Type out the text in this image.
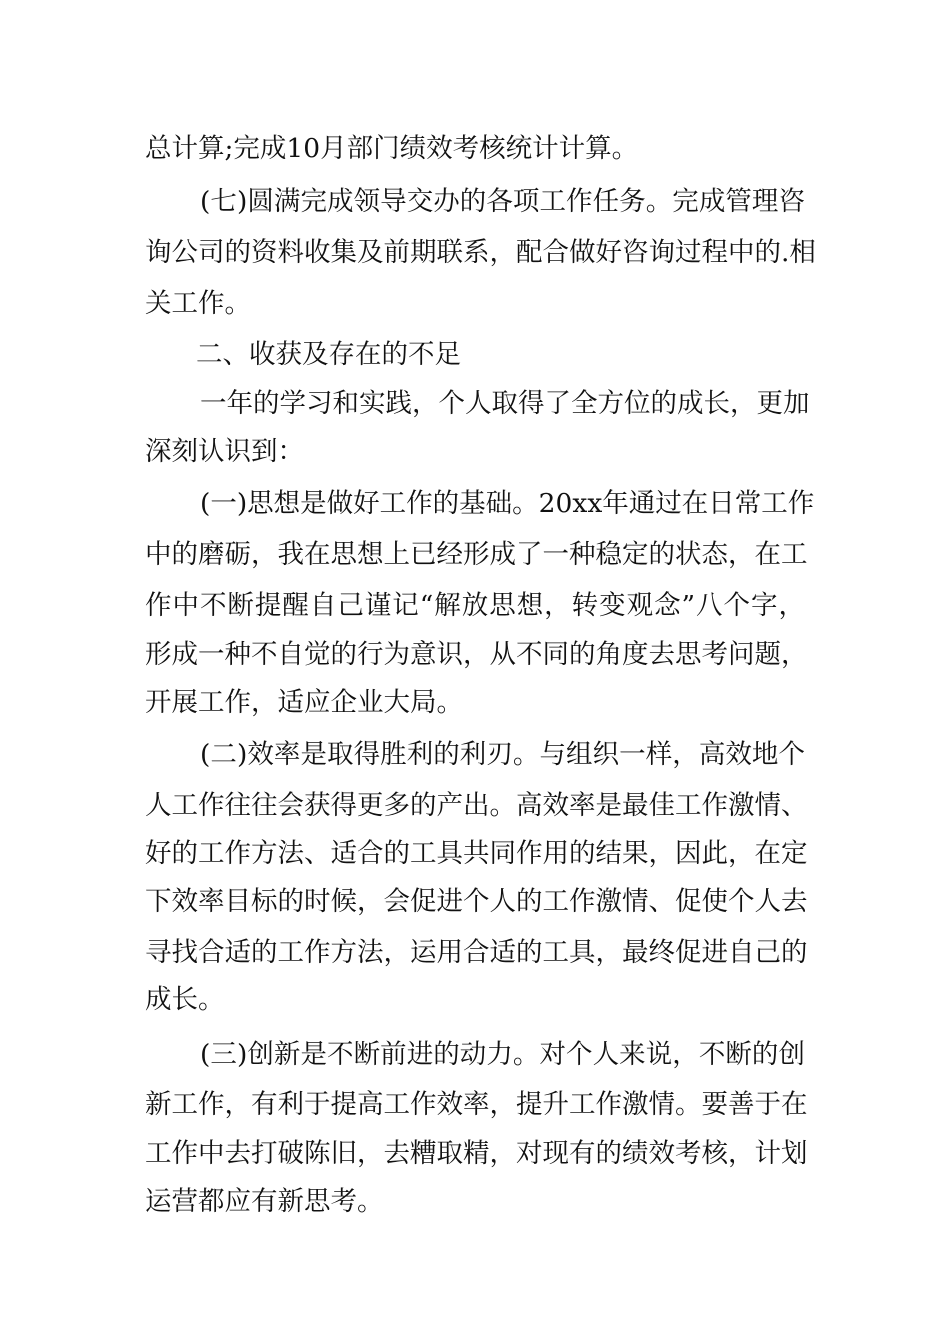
总计算;完成10月部门绩效考核统计计算。
(七)圆满完成领导交办的各项工作任务。完成管理咨
询公司的资料收集及前期联系，配合做好咨询过程中的.相
关工作。
二、收获及存在的不足
一年的学习和实践，个人取得了全方位的成长，更加
深刻认识到：
(一)思想是做好工作的基础。20xx年通过在日常工作
中的磨砺，我在思想上已经形成了一种稳定的状态，在工
作中不断提醒自己谨记“解放思想，转变观念”八个字，
形成一种不自觉的行为意识，从不同的角度去思考问题，
开展工作，适应企业大局。
(二)效率是取得胜利的利刃。与组织一样，高效地个
人工作往往会获得更多的产出。高效率是最佳工作激情、
好的工作方法、适合的工具共同作用的结果，因此，在定
下效率目标的时候，会促进个人的工作激情、促使个人去
寻找合适的工作方法，运用合适的工具，最终促进自己的
成长。
(三)创新是不断前进的动力。对个人来说，不断的创
新工作，有利于提高工作效率，提升工作激情。要善于在
工作中去打破陈旧，去糟取精，对现有的绩效考核，计划
运营都应有新思考。
